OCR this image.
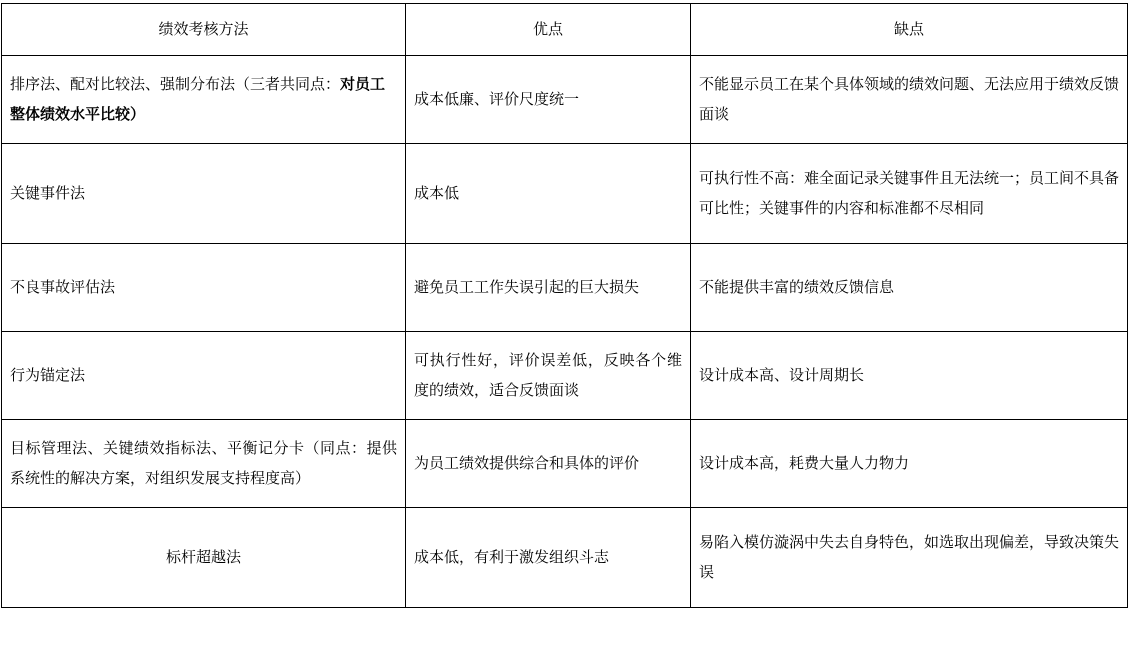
绩效考核方法	优点	缺点
排序法、配对比较法、强制分布法（三者共同点：对员工整体绩效水平比较）	成本低廉、评价尺度统一	不能显示员工在某个具体领域的绩效问题、无法应用于绩效反馈面谈
关键事件法	成本低	可执行性不高：难全面记录关键事件且无法统一；员工间不具备可比性；关键事件的内容和标准都不尽相同
不良事故评估法	避免员工工作失误引起的巨大损失	不能提供丰富的绩效反馈信息
行为锚定法	可执行性好，评价误差低，反映各个维度的绩效，适合反馈面谈	设计成本高、设计周期长
目标管理法、关键绩效指标法、平衡记分卡（同点：提供系统性的解决方案，对组织发展支持程度高）	为员工绩效提供综合和具体的评价	设计成本高，耗费大量人力物力
标杆超越法	成本低，有利于激发组织斗志	易陷入模仿漩涡中失去自身特色，如选取出现偏差，导致决策失误
